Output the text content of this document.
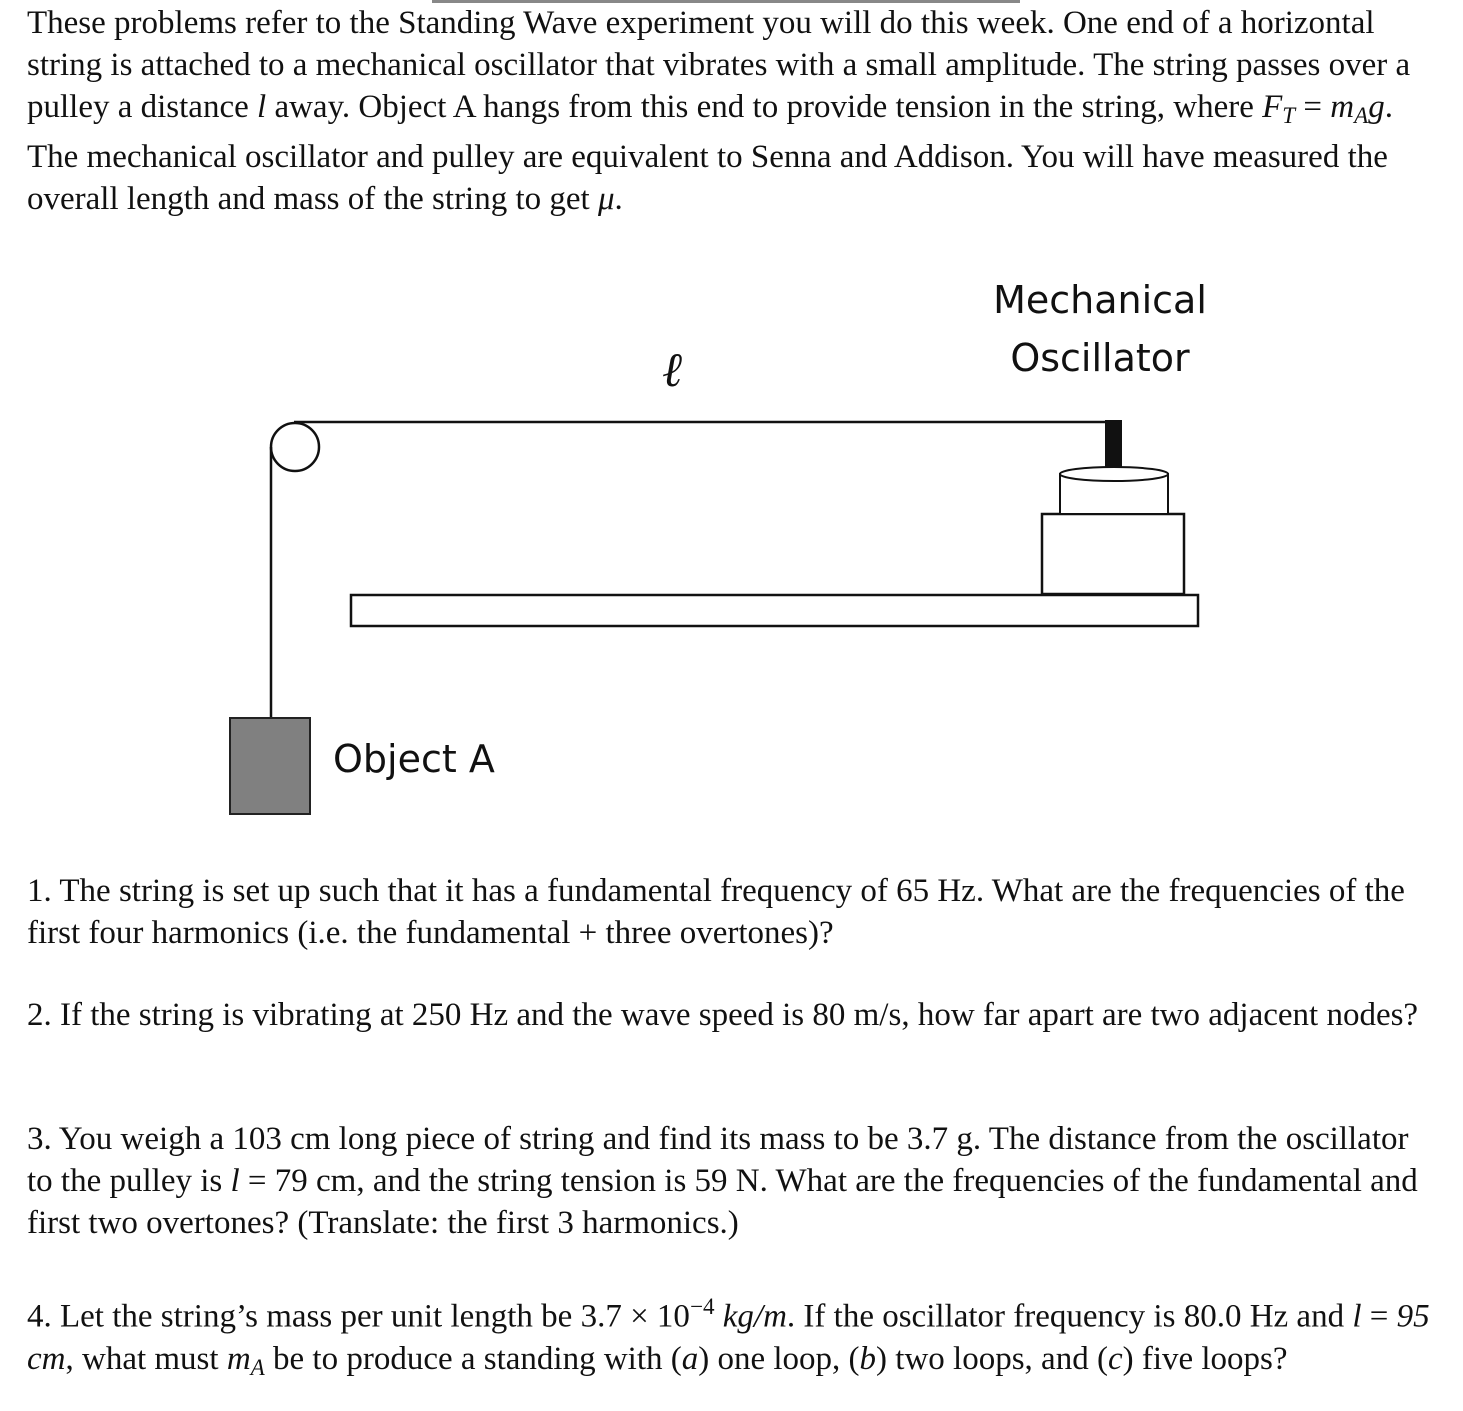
These problems refer to the Standing Wave experiment you will do this week. One end of a horizontal string is attached to a mechanical oscillator that vibrates with a small amplitude. The string passes over a pulley a distance l away. Object A hangs from this end to provide tension in the string, where $F_T = m_Ag$. The mechanical oscillator and pulley are equivalent to Senna and Addison. You will have measured the overall length and mass of the string to get μ.

Object A
ℓ
Mechanical
Oscillator

1. The string is set up such that it has a fundamental frequency of 65 Hz. What are the frequencies of the first four harmonics (i.e. the fundamental + three overtones)?

2. If the string is vibrating at 250 Hz and the wave speed is 80 m/s, how far apart are two adjacent nodes?

3. You weigh a 103 cm long piece of string and find its mass to be 3.7 g. The distance from the oscillator to the pulley is l = 79 cm, and the string tension is 59 N. What are the frequencies of the fundamental and first two overtones? (Translate: the first 3 harmonics.)

4. Let the string’s mass per unit length be $3.7 \times 10^{-4}$ kg/m. If the oscillator frequency is 80.0 Hz and l = 95 cm, what must $m_A$ be to produce a standing with (a) one loop, (b) two loops, and (c) five loops?
